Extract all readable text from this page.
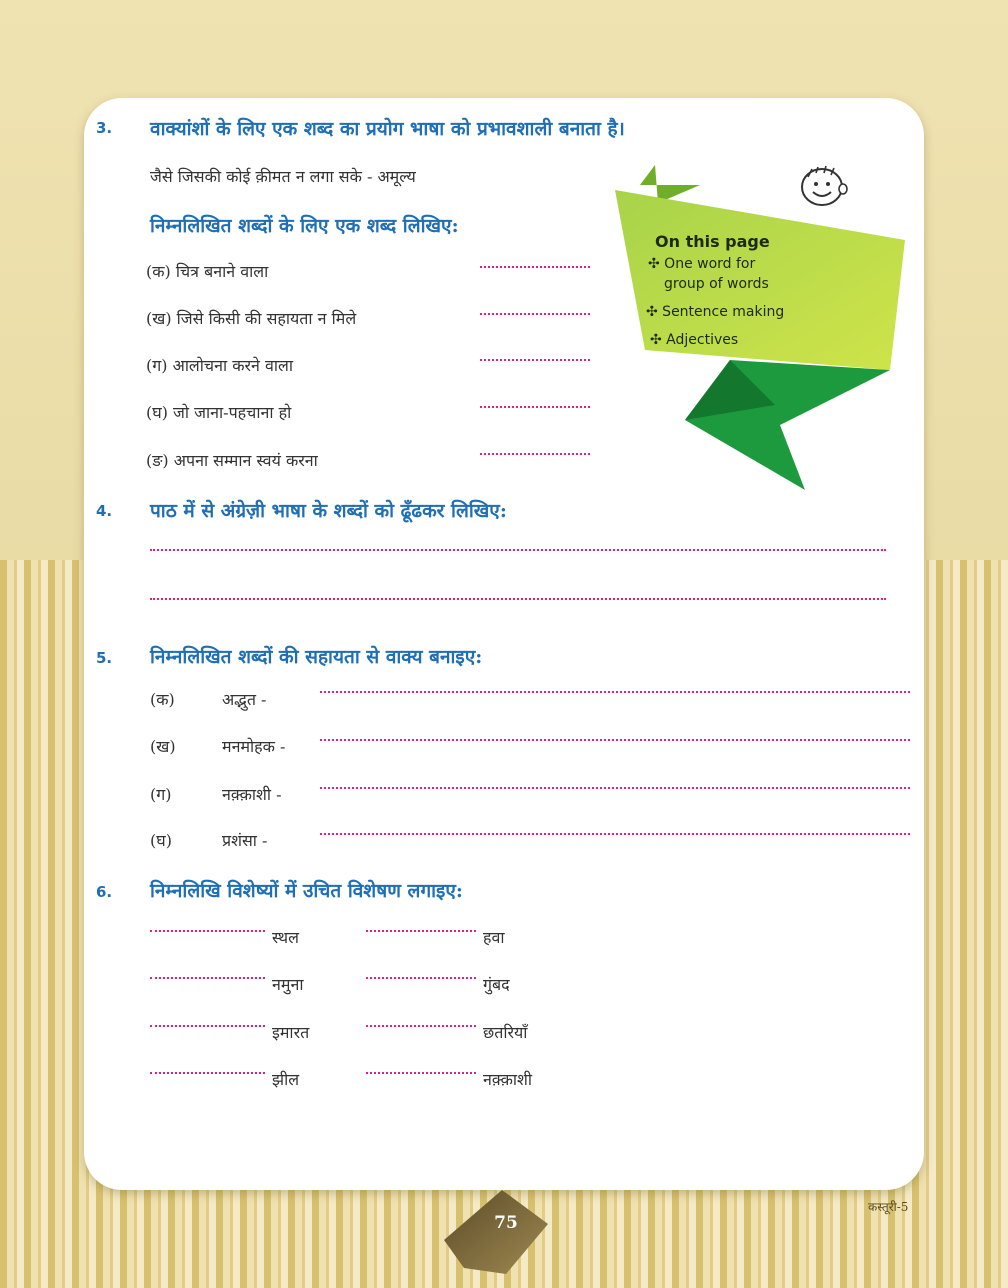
3. वाक्यांशों के लिए एक शब्द का प्रयोग भाषा को प्रभावशाली बनाता है।
जैसे जिसकी कोई क़ीमत न लगा सके - अमूल्य
निम्नलिखित शब्दों के लिए एक शब्द लिखिए:
(क) चित्र बनाने वाला
(ख) जिसे किसी की सहायता न मिले
(ग) आलोचना करने वाला
(घ) जो जाना-पहचाना हो
(ङ) अपना सम्मान स्वयं करना
On this page
✣ One word for
group of words
✣ Sentence making
✣ Adjectives
4. पाठ में से अंग्रेज़ी भाषा के शब्दों को ढूँढकर लिखिए:
5. निम्नलिखित शब्दों की सहायता से वाक्य बनाइए:
(क)	अद्भुत -
(ख)	मनमोहक -
(ग)	नक़्क़ाशी -
(घ)	प्रशंसा -
6. निम्नलिखि विशेष्यों में उचित विशेषण लगाइए:
स्थल	हवा
नमुना	गुंबद
इमारत	छतरियाँ
झील	नक़्क़ाशी
75
कस्तूरी-5
